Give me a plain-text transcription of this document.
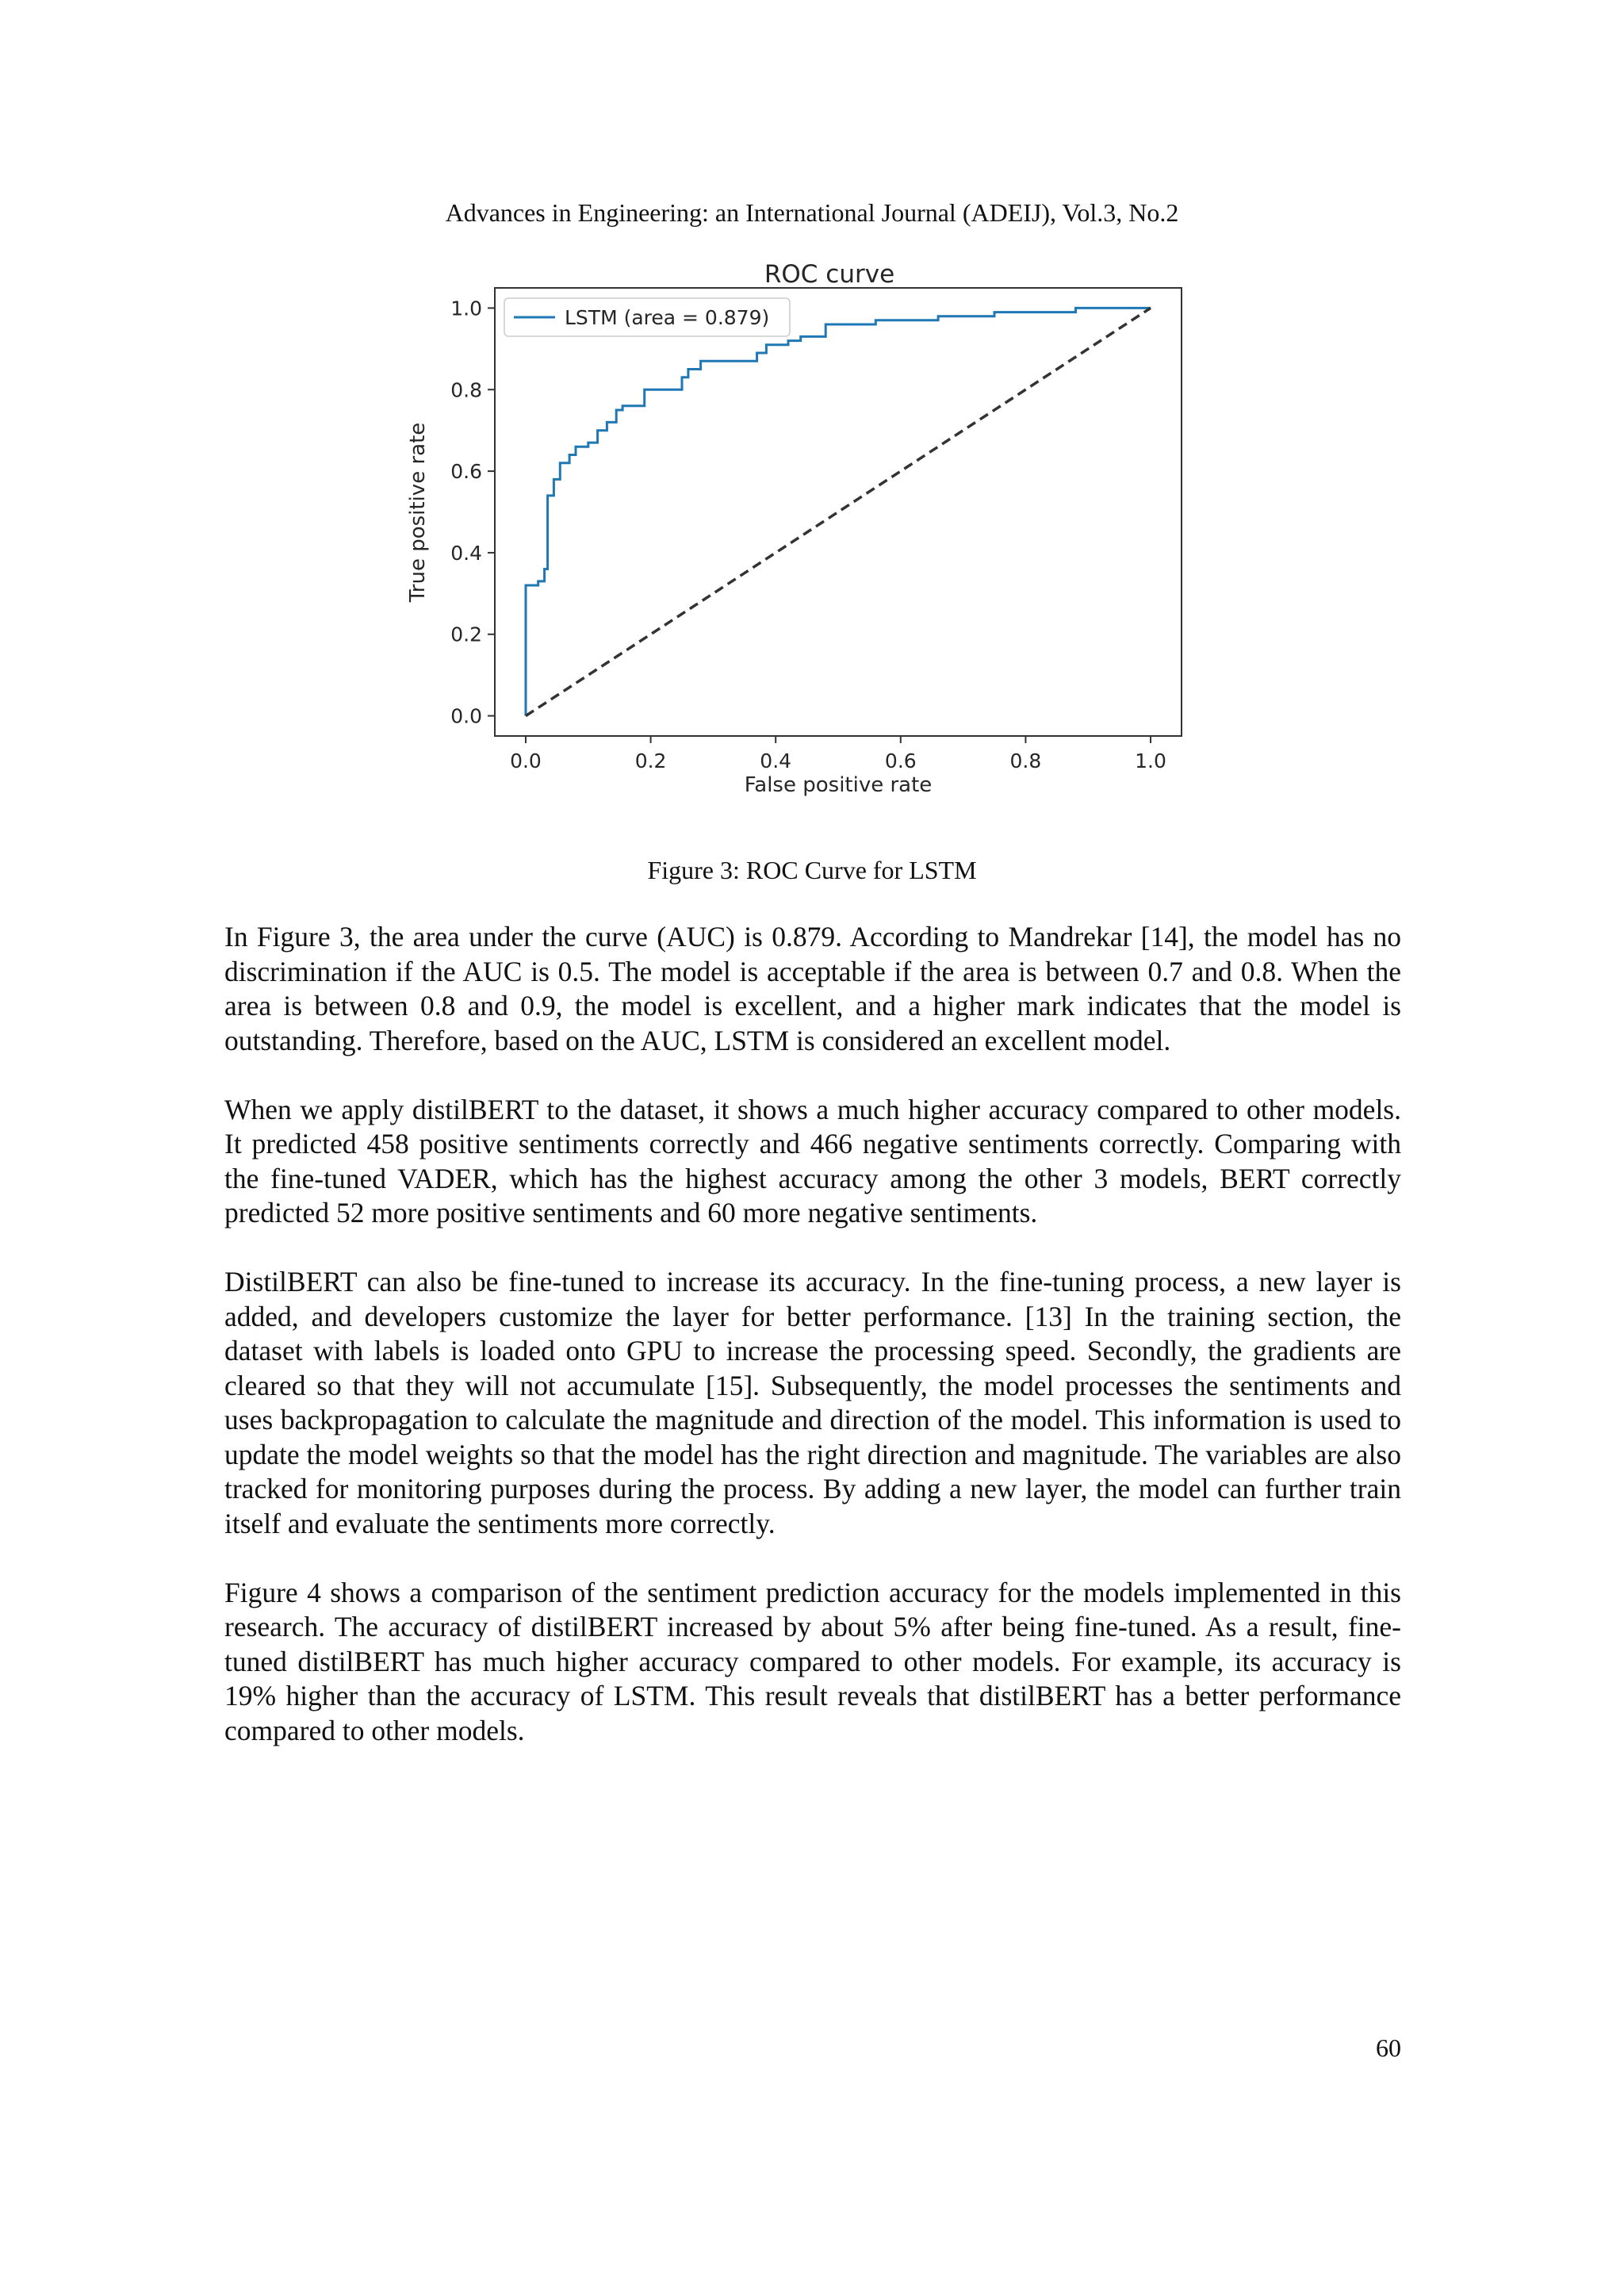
Advances in Engineering: an International Journal (ADEIJ), Vol.3, No.2
ROC curve
0.0	0.2	0.4	0.6	0.8	1.0
0.0
0.2
0.4
0.6
0.8
1.0	LSTM (area = 0.879)
False positive rate
True positive rate
Figure 3: ROC Curve for LSTM

In Figure 3, the area under the curve (AUC) is 0.879. According to Mandrekar [14], the model has no discrimination if the AUC is 0.5. The model is acceptable if the area is between 0.7 and 0.8. When the area is between 0.8 and 0.9, the model is excellent, and a higher mark indicates that the model is outstanding. Therefore, based on the AUC, LSTM is considered an excellent model.

When we apply distilBERT to the dataset, it shows a much higher accuracy compared to other models. It predicted 458 positive sentiments correctly and 466 negative sentiments correctly. Comparing with the fine-tuned VADER, which has the highest accuracy among the other 3 models, BERT correctly predicted 52 more positive sentiments and 60 more negative sentiments.

DistilBERT can also be fine-tuned to increase its accuracy. In the fine-tuning process, a new layer is added, and developers customize the layer for better performance. [13] In the training section, the dataset with labels is loaded onto GPU to increase the processing speed. Secondly, the gradients are cleared so that they will not accumulate [15]. Subsequently, the model processes the sentiments and uses backpropagation to calculate the magnitude and direction of the model. This information is used to update the model weights so that the model has the right direction and magnitude. The variables are also tracked for monitoring purposes during the process. By adding a new layer, the model can further train itself and evaluate the sentiments more correctly.

Figure 4 shows a comparison of the sentiment prediction accuracy for the models implemented in this research. The accuracy of distilBERT increased by about 5% after being fine-tuned. As a result, fine-tuned distilBERT has much higher accuracy compared to other models. For example, its accuracy is 19% higher than the accuracy of LSTM. This result reveals that distilBERT has a better performance compared to other models.

60
